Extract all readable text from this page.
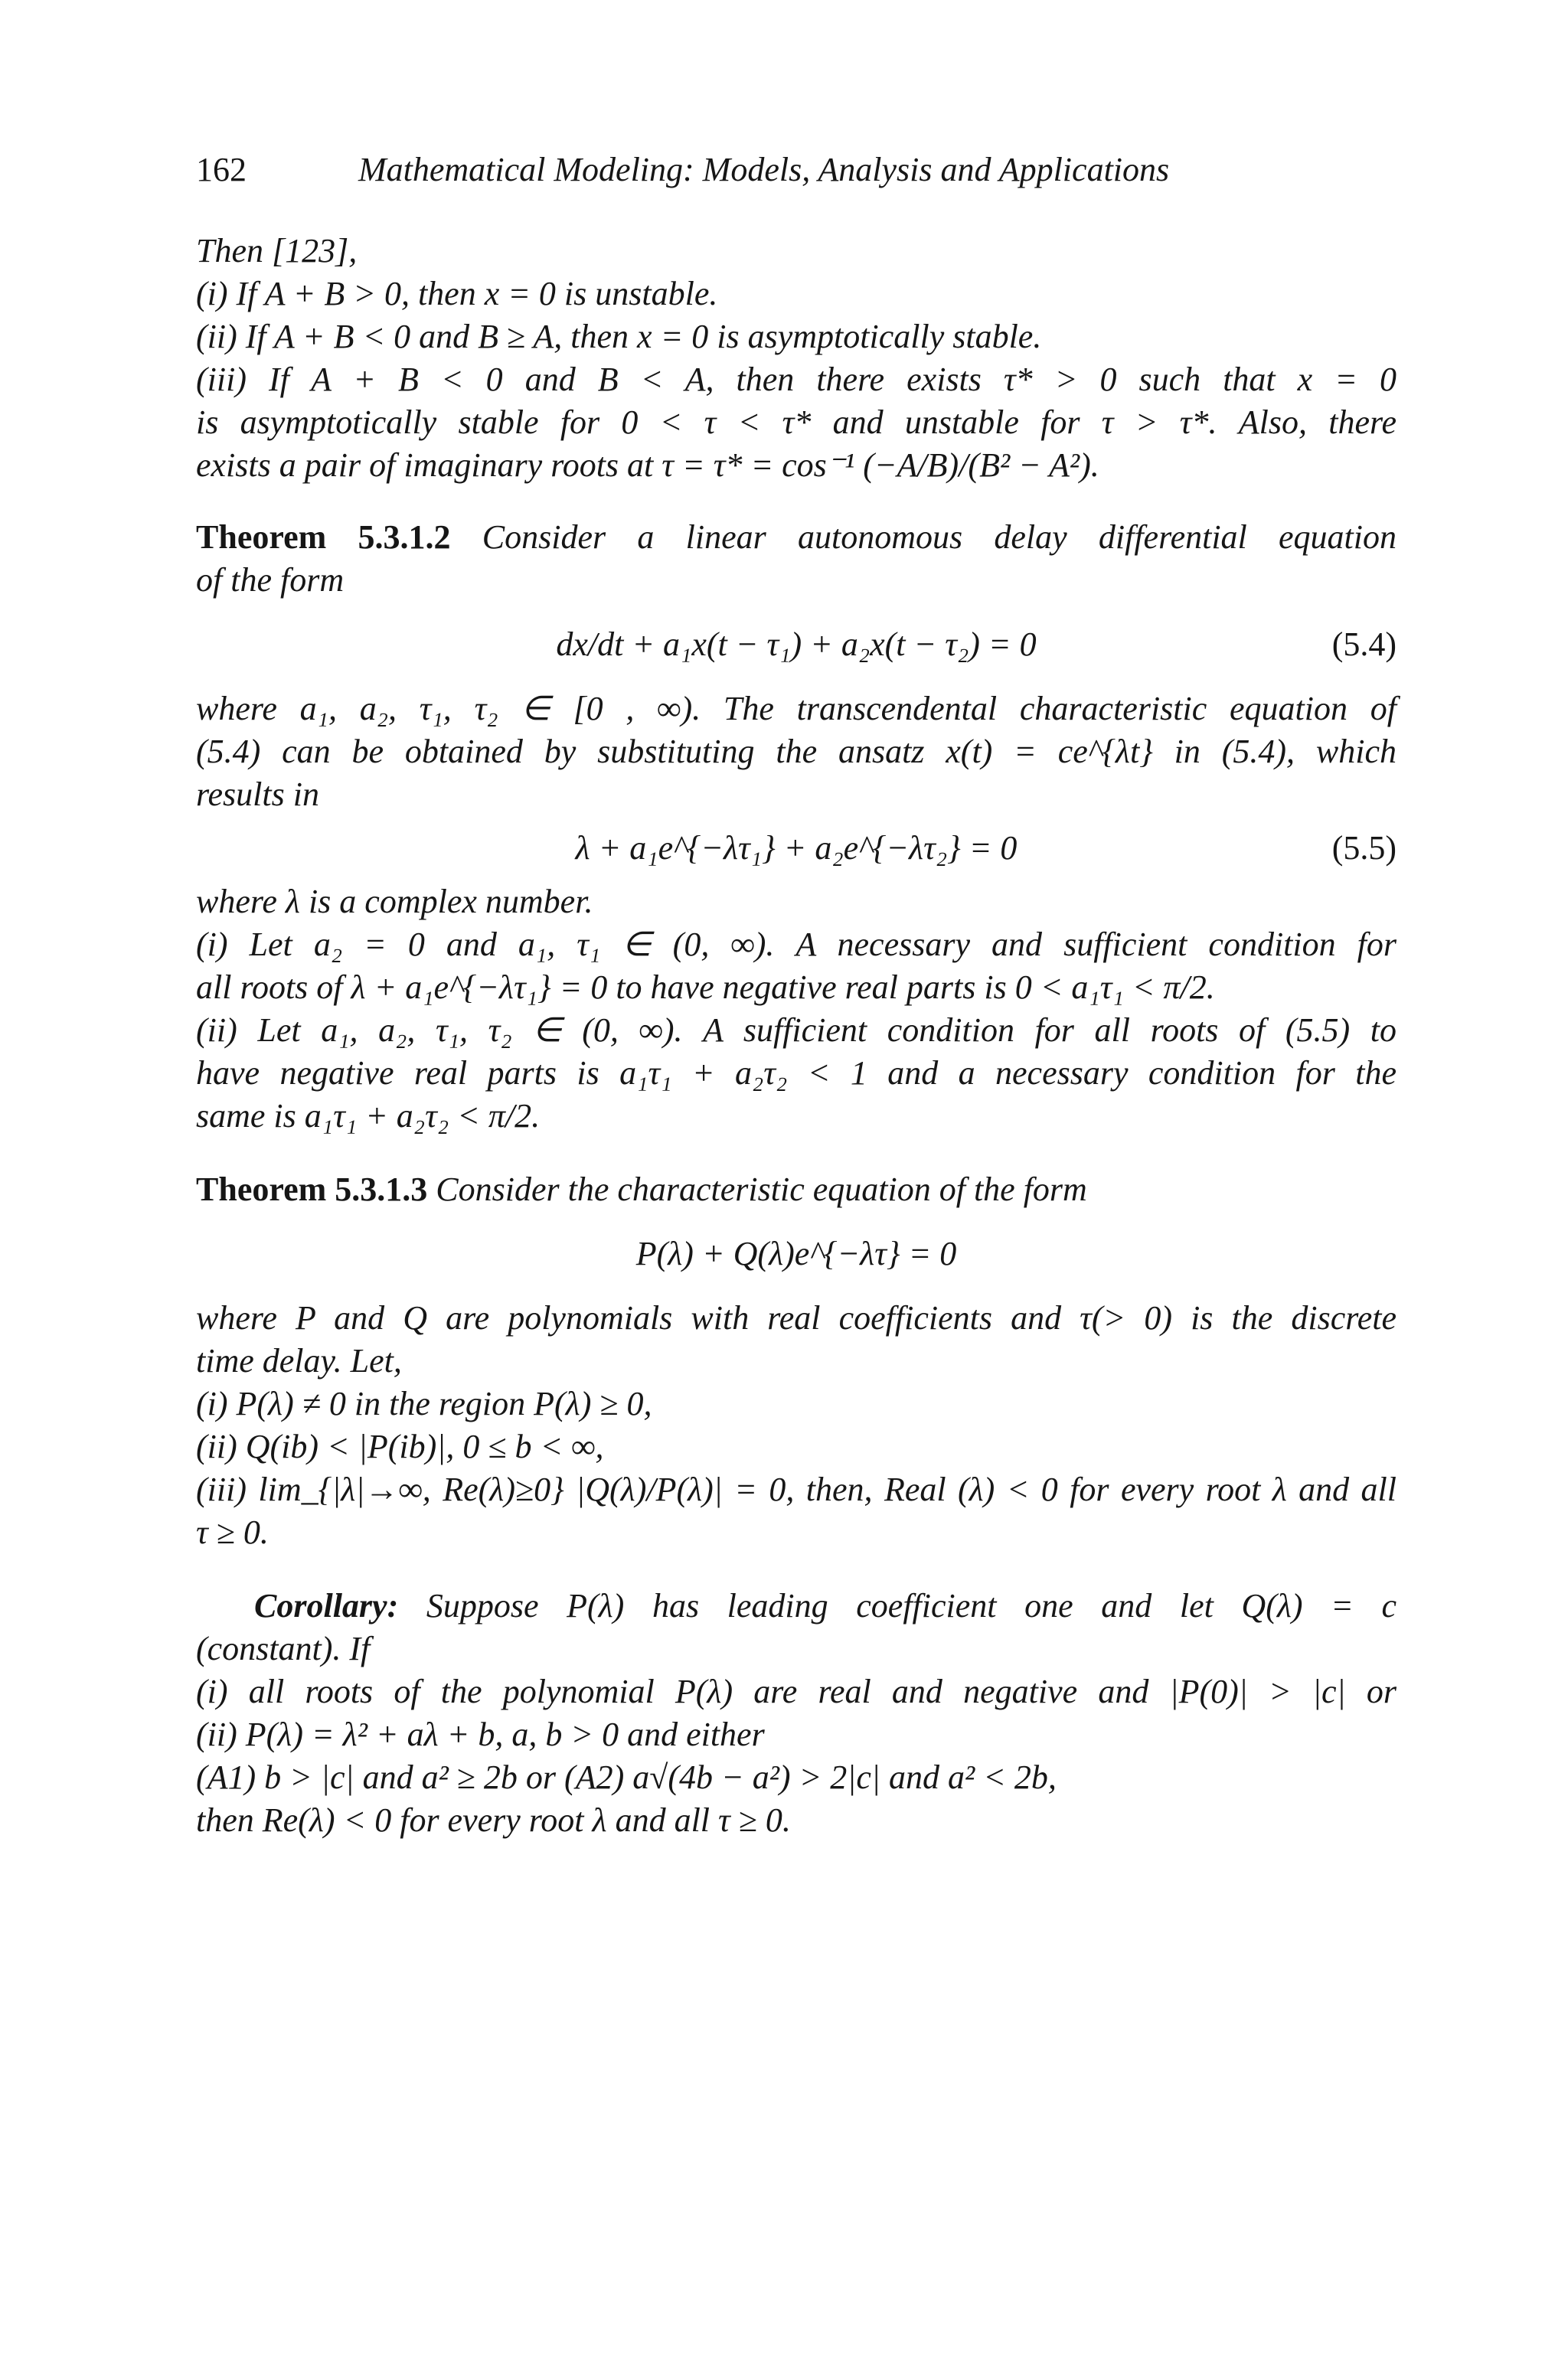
162	Mathematical Modeling: Models, Analysis and Applications

Then [123],

(i) If A + B > 0, then x = 0 is unstable.

(ii) If A + B < 0 and B ≥ A, then x = 0 is asymptotically stable.

(iii) If A + B < 0 and B < A, then there exists τ* > 0 such that x = 0

is asymptotically stable for 0 < τ < τ* and unstable for τ > τ*. Also, there

exists a pair of imaginary roots at τ = τ* = cos⁻¹ (−A/B)/(B² − A²).

Theorem 5.3.1.2 Consider a linear autonomous delay differential equation

of the form

dx/dt + a₁x(t − τ₁) + a₂x(t − τ₂) = 0	(5.4)

where a₁, a₂, τ₁, τ₂ ∈ [0 , ∞). The transcendental characteristic equation of

(5.4) can be obtained by substituting the ansatz x(t) = ce^{λt} in (5.4), which

results in

λ + a₁e^{−λτ₁} + a₂e^{−λτ₂} = 0	(5.5)

where λ is a complex number.

(i) Let a₂ = 0 and a₁, τ₁ ∈ (0, ∞). A necessary and sufficient condition for

all roots of λ + a₁e^{−λτ₁} = 0 to have negative real parts is 0 < a₁τ₁ < π/2.

(ii) Let a₁, a₂, τ₁, τ₂ ∈ (0, ∞). A sufficient condition for all roots of (5.5) to

have negative real parts is a₁τ₁ + a₂τ₂ < 1 and a necessary condition for the

same is a₁τ₁ + a₂τ₂ < π/2.

Theorem 5.3.1.3 Consider the characteristic equation of the form

P(λ) + Q(λ)e^{−λτ} = 0

where P and Q are polynomials with real coefficients and τ(> 0) is the discrete

time delay. Let,

(i) P(λ) ≠ 0 in the region P(λ) ≥ 0,

(ii) Q(ib) < |P(ib)|, 0 ≤ b < ∞,

(iii) lim_{|λ|→∞, Re(λ)≥0} |Q(λ)/P(λ)| = 0, then, Real (λ) < 0 for every root λ and all

τ ≥ 0.

Corollary: Suppose P(λ) has leading coefficient one and let Q(λ) = c

(constant). If

(i) all roots of the polynomial P(λ) are real and negative and |P(0)| > |c| or

(ii) P(λ) = λ² + aλ + b, a, b > 0 and either

(A1) b > |c| and a² ≥ 2b or (A2) a√(4b − a²) > 2|c| and a² < 2b,

then Re(λ) < 0 for every root λ and all τ ≥ 0.
